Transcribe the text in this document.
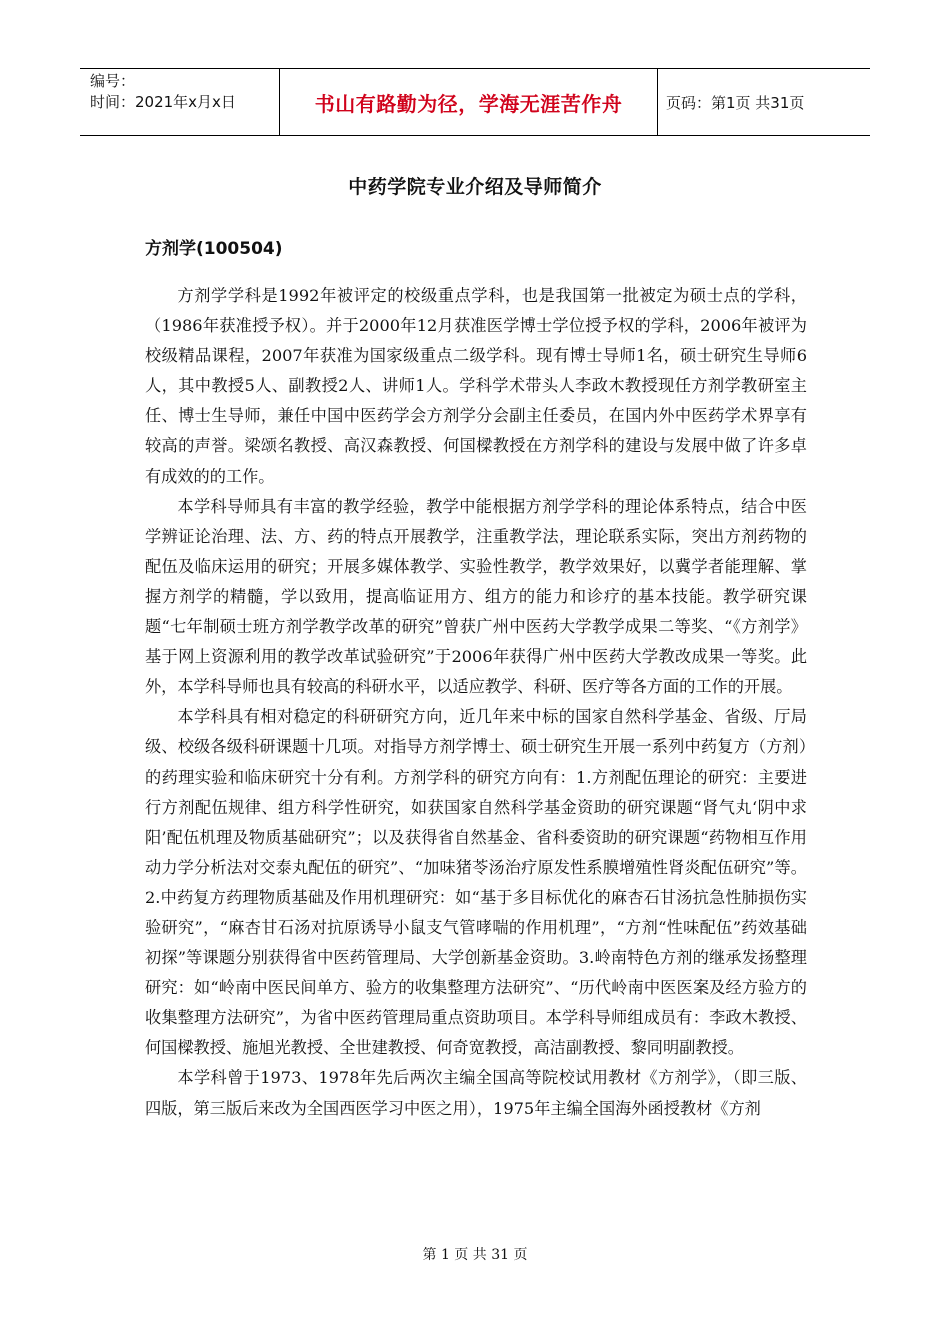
编号：
时间：2021年x月x日	书山有路勤为径，学海无涯苦作舟	页码：第1页 共31页
中药学院专业介绍及导师简介
方剂学(100504)

方剂学学科是1992年被评定的校级重点学科，也是我国第一批被定为硕士点的学科，（1986年获准授予权）。并于2000年12月获准医学博士学位授予权的学科，2006年被评为校级精品课程，2007年获准为国家级重点二级学科。现有博士导师1名，硕士研究生导师6人，其中教授5人、副教授2人、讲师1人。学科学术带头人李政木教授现任方剂学教研室主任、博士生导师，兼任中国中医药学会方剂学分会副主任委员，在国内外中医药学术界享有较高的声誉。梁颂名教授、高汉森教授、何国樑教授在方剂学科的建设与发展中做了许多卓有成效的的工作。

本学科导师具有丰富的教学经验，教学中能根据方剂学学科的理论体系特点，结合中医学辨证论治理、法、方、药的特点开展教学，注重教学法，理论联系实际，突出方剂药物的配伍及临床运用的研究；开展多媒体教学、实验性教学，教学效果好，以冀学者能理解、掌握方剂学的精髓，学以致用，提高临证用方、组方的能力和诊疗的基本技能。教学研究课题“七年制硕士班方剂学教学改革的研究”曾获广州中医药大学教学成果二等奖、“《方剂学》基于网上资源利用的教学改革试验研究”于2006年获得广州中医药大学教改成果一等奖。此外，本学科导师也具有较高的科研水平，以适应教学、科研、医疗等各方面的工作的开展。

本学科具有相对稳定的科研研究方向，近几年来中标的国家自然科学基金、省级、厅局级、校级各级科研课题十几项。对指导方剂学博士、硕士研究生开展一系列中药复方（方剂）的药理实验和临床研究十分有利。方剂学科的研究方向有：1.方剂配伍理论的研究：主要进行方剂配伍规律、组方科学性研究，如获国家自然科学基金资助的研究课题“肾气丸‘阴中求阳’配伍机理及物质基础研究”；以及获得省自然基金、省科委资助的研究课题“药物相互作用动力学分析法对交泰丸配伍的研究”、“加味猪苓汤治疗原发性系膜增殖性肾炎配伍研究”等。2.中药复方药理物质基础及作用机理研究：如“基于多目标优化的麻杏石甘汤抗急性肺损伤实验研究”，“麻杏甘石汤对抗原诱导小鼠支气管哮喘的作用机理”，“方剂“性味配伍”药效基础初探”等课题分别获得省中医药管理局、大学创新基金资助。3.岭南特色方剂的继承发扬整理研究：如“岭南中医民间单方、验方的收集整理方法研究”、“历代岭南中医医案及经方验方的收集整理方法研究”，为省中医药管理局重点资助项目。本学科导师组成员有：李政木教授、何国樑教授、施旭光教授、全世建教授、何奇宽教授，高洁副教授、黎同明副教授。

本学科曾于1973、1978年先后两次主编全国高等院校试用教材《方剂学》，（即三版、四版，第三版后来改为全国西医学习中医之用），1975年主编全国海外函授教材《方剂

第 1 页 共 31 页
